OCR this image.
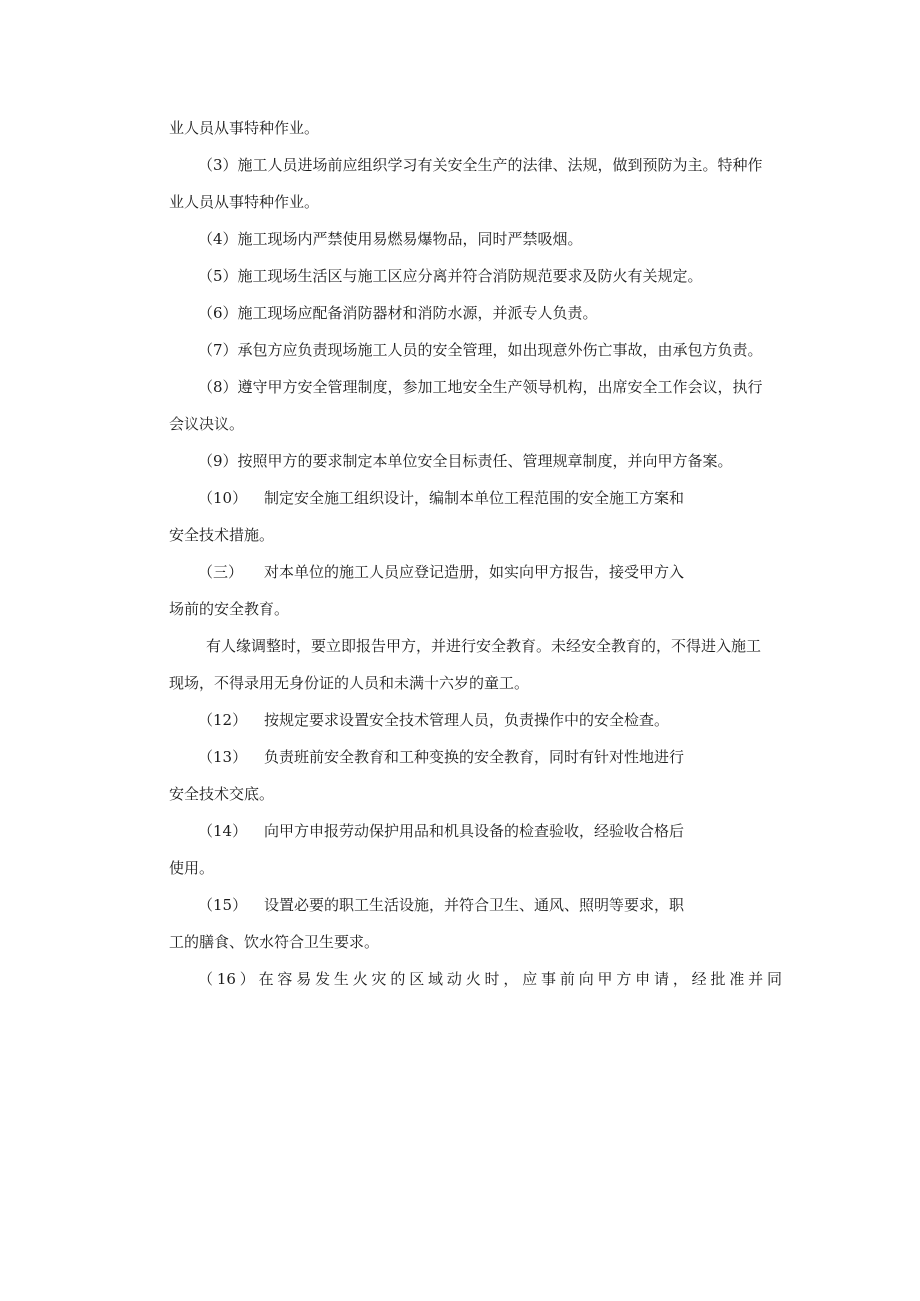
业人员从事特种作业。
（3）施工人员进场前应组织学习有关安全生产的法律、法规，做到预防为主。特种作
业人员从事特种作业。
（4）施工现场内严禁使用易燃易爆物品，同时严禁吸烟。
（5）施工现场生活区与施工区应分离并符合消防规范要求及防火有关规定。
（6）施工现场应配备消防器材和消防水源，并派专人负责。
（7）承包方应负责现场施工人员的安全管理，如出现意外伤亡事故，由承包方负责。
（8）遵守甲方安全管理制度，参加工地安全生产领导机构，出席安全工作会议，执行
会议决议。
（9）按照甲方的要求制定本单位安全目标责任、管理规章制度，并向甲方备案。
（10） 制定安全施工组织设计，编制本单位工程范围的安全施工方案和
安全技术措施。
（三） 对本单位的施工人员应登记造册，如实向甲方报告，接受甲方入
场前的安全教育。
有人缘调整时，要立即报告甲方，并进行安全教育。未经安全教育的，不得进入施工
现场，不得录用无身份证的人员和未满十六岁的童工。
（12） 按规定要求设置安全技术管理人员，负责操作中的安全检查。
（13） 负责班前安全教育和工种变换的安全教育，同时有针对性地进行
安全技术交底。
（14） 向甲方申报劳动保护用品和机具设备的检查验收，经验收合格后
使用。
（15） 设置必要的职工生活设施，并符合卫生、通风、照明等要求，职
工的膳食、饮水符合卫生要求。
（16）在容易发生火灾的区域动火时，应事前向甲方申请，经批准并同
